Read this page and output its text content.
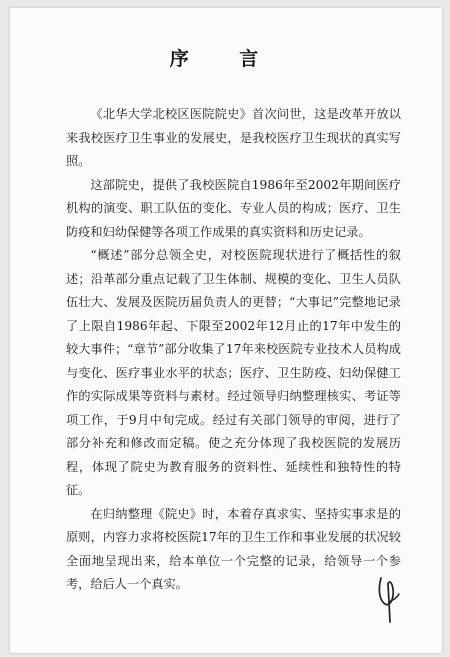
序 言

《北华大学北校区医院院史》首次问世，这是改革开放以来我校医疗卫生事业的发展史，是我校医疗卫生现状的真实写照。

这部院史，提供了我校医院自1986年至2002年期间医疗机构的演变、职工队伍的变化、专业人员的构成；医疗、卫生防疫和妇幼保健等各项工作成果的真实资料和历史记录。

“概述”部分总领全史，对校医院现状进行了概括性的叙述；沿革部分重点记载了卫生体制、规模的变化、卫生人员队伍壮大、发展及医院历届负责人的更替；“大事记”完整地记录了上限自1986年起、下限至2002年12月止的17年中发生的较大事件；“章节”部分收集了17年来校医院专业技术人员构成与变化、医疗事业水平的状态；医疗、卫生防疫、妇幼保健工作的实际成果等资料与素材。经过领导归纳整理核实、考证等项工作，于9月中旬完成。经过有关部门领导的审阅，进行了部分补充和修改而定稿。使之充分体现了我校医院的发展历程，体现了院史为教育服务的资料性、延续性和独特性的特征。

在归纳整理《院史》时，本着存真求实、坚持实事求是的原则，内容力求将校医院17年的卫生工作和事业发展的状况较全面地呈现出来，给本单位一个完整的记录，给领导一个参考，给后人一个真实。
